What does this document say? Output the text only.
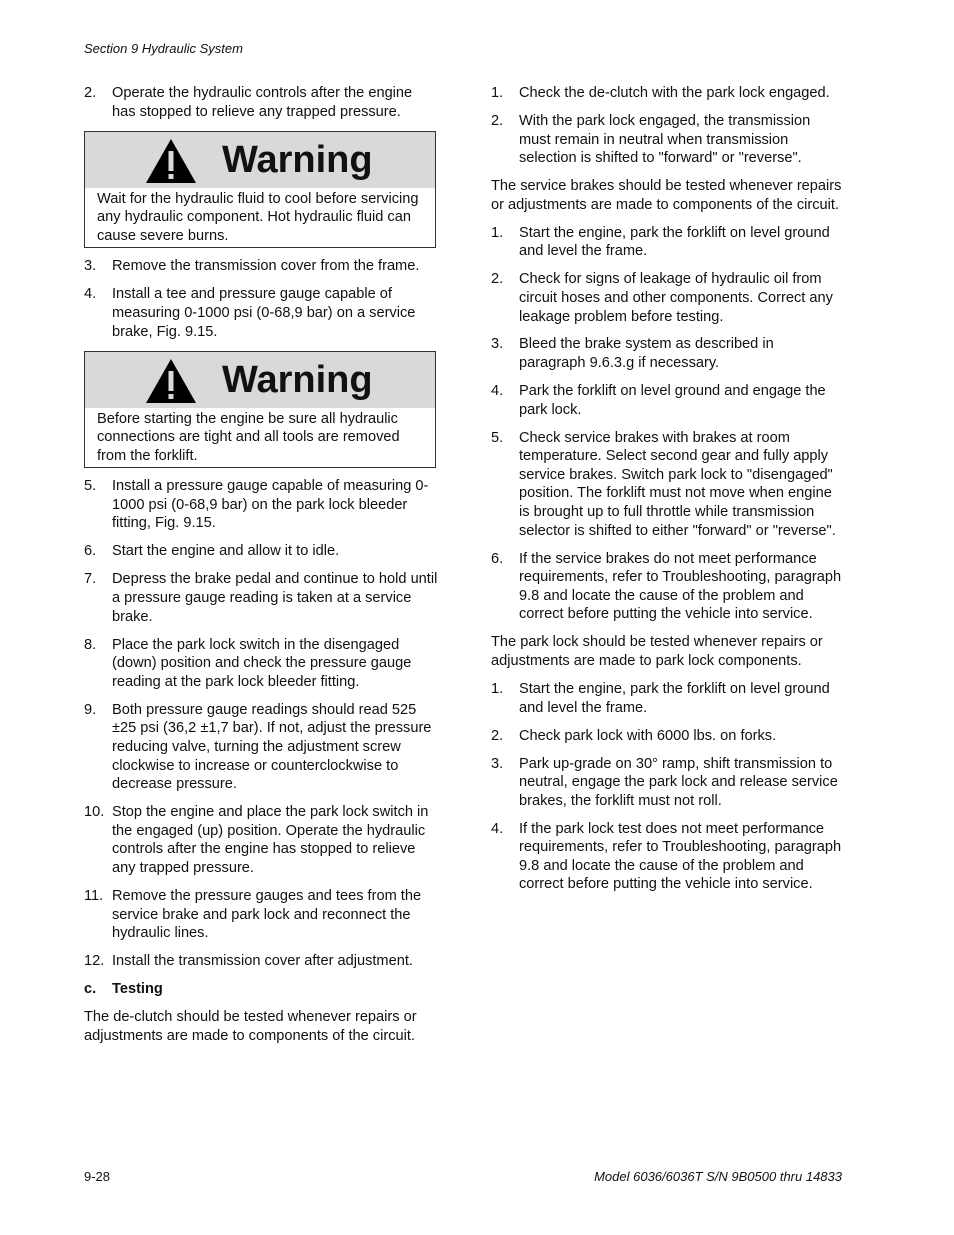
Section 9 Hydraulic System
2.	Operate the hydraulic controls after the engine has stopped to relieve any trapped pressure.
Warning
Wait for the hydraulic fluid to cool before servicing any hydraulic component. Hot hydraulic fluid can cause severe burns.
3.	Remove the transmission cover from the frame.
4.	Install a tee and pressure gauge capable of measuring 0-1000 psi (0-68,9 bar) on a service brake, Fig. 9.15.
Warning
Before starting the engine be sure all hydraulic connections are tight and all tools are removed from the forklift.
5.	Install a pressure gauge capable of measuring 0-1000 psi (0-68,9 bar) on the park lock bleeder fitting, Fig. 9.15.
6.	Start the engine and allow it to idle.
7.	Depress the brake pedal and continue to hold until a pressure gauge reading is taken at a service brake.
8.	Place the park lock switch in the disengaged (down) position and check the pressure gauge reading at the park lock bleeder fitting.
9.	Both pressure gauge readings should read 525 ±25 psi (36,2 ±1,7 bar). If not, adjust the pressure reducing valve, turning the adjustment screw clockwise to increase or counterclockwise to decrease pressure.
10. Stop the engine and place the park lock switch in the engaged (up) position. Operate the hydraulic controls after the engine has stopped to relieve any trapped pressure.
11. Remove the pressure gauges and tees from the service brake and park lock and reconnect the hydraulic lines.
12. Install the transmission cover after adjustment.
c. Testing
The de-clutch should be tested whenever repairs or adjustments are made to components of the circuit.
1.	Check the de-clutch with the park lock engaged.
2.	With the park lock engaged, the transmission must remain in neutral when transmission selection is shifted to "forward" or "reverse".
The service brakes should be tested whenever repairs or adjustments are made to components of the circuit.
1.	Start the engine, park the forklift on level ground and level the frame.
2.	Check for signs of leakage of hydraulic oil from circuit hoses and other components. Correct any leakage problem before testing.
3.	Bleed the brake system as described in paragraph 9.6.3.g if necessary.
4.	Park the forklift on level ground and engage the park lock.
5.	Check service brakes with brakes at room temperature. Select second gear and fully apply service brakes. Switch park lock to "disengaged" position. The forklift must not move when engine is brought up to full throttle while transmission selector is shifted to either "forward" or "reverse".
6.	If the service brakes do not meet performance requirements, refer to Troubleshooting, paragraph 9.8 and locate the cause of the problem and correct before putting the vehicle into service.
The park lock should be tested whenever repairs or adjustments are made to park lock components.
1.	Start the engine, park the forklift on level ground and level the frame.
2.	Check park lock with 6000 lbs. on forks.
3.	Park up-grade on 30° ramp, shift transmission to neutral, engage the park lock and release service brakes, the forklift must not roll.
4.	If the park lock test does not meet performance requirements, refer to Troubleshooting, paragraph 9.8 and locate the cause of the problem and correct before putting the vehicle into service.
9-28	Model 6036/6036T S/N 9B0500 thru 14833
